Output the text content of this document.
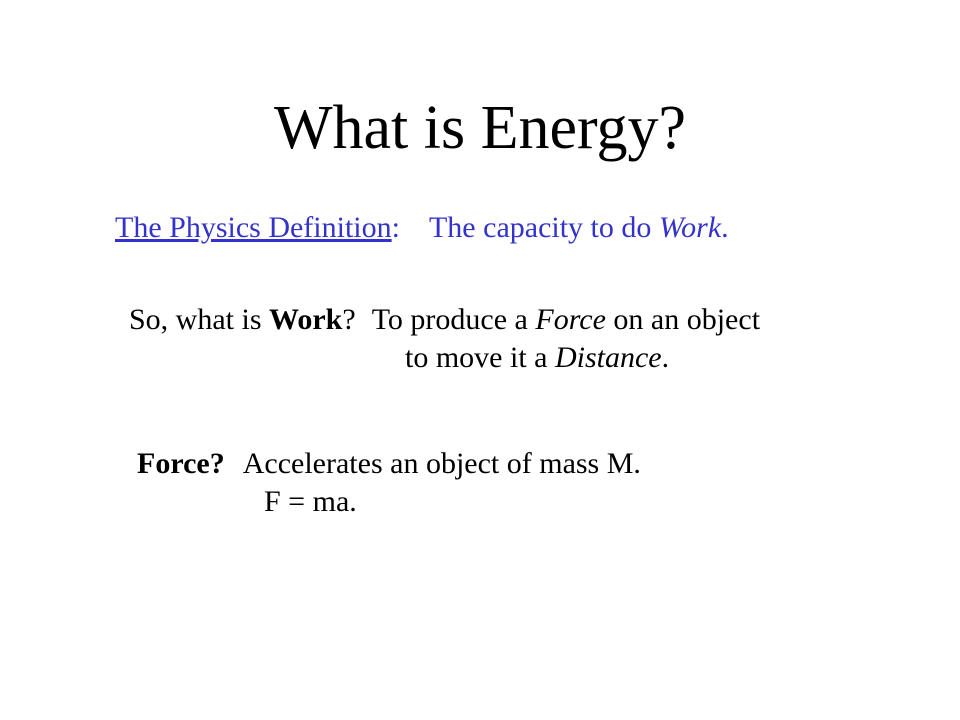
What is Energy?
The Physics Definition: The capacity to do Work.
So, what is Work? To produce a Force on an object
to move it a Distance.
Force? Accelerates an object of mass M.
F = ma.
